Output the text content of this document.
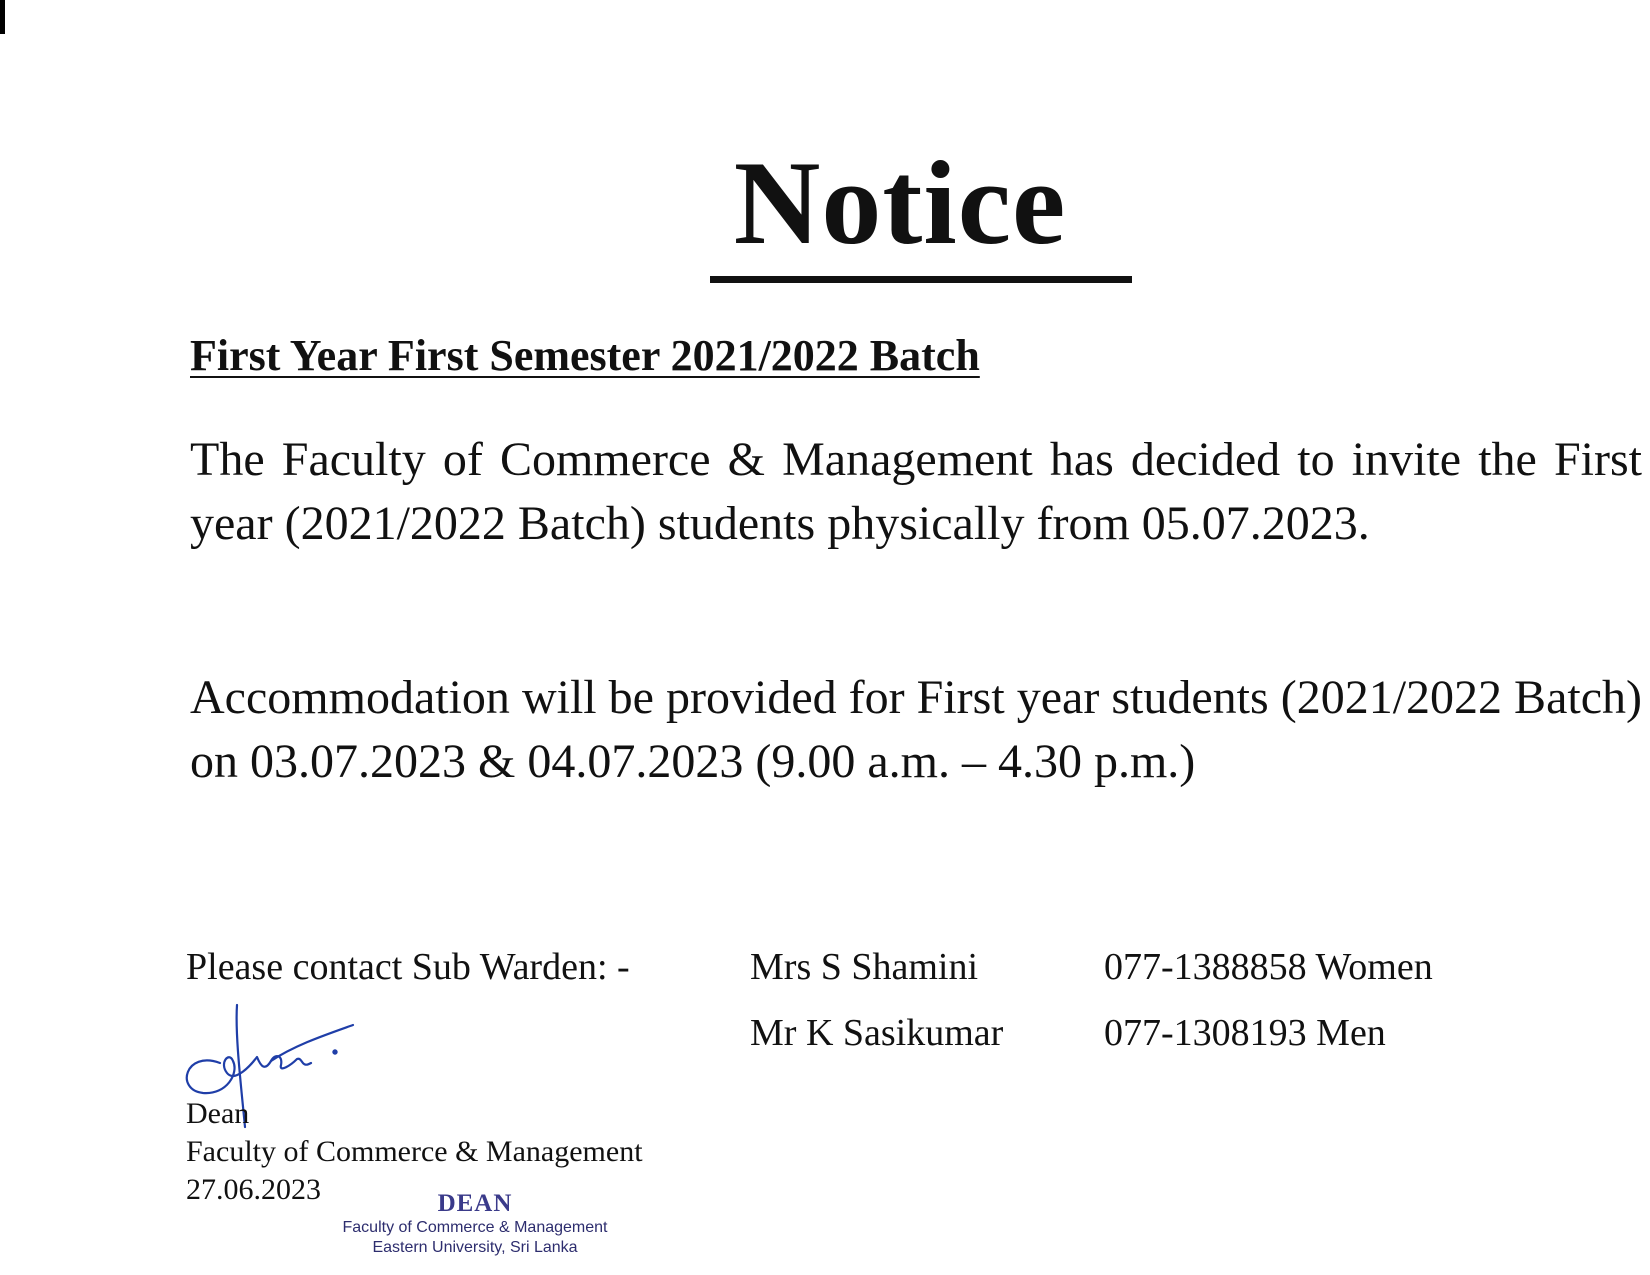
Notice
First Year First Semester 2021/2022 Batch

The Faculty of Commerce & Management has decided to invite the First year (2021/2022 Batch) students physically from 05.07.2023.

Accommodation will be provided for First year students (2021/2022 Batch) on 03.07.2023 & 04.07.2023 (9.00 a.m. – 4.30 p.m.)

Please contact Sub Warden: -	Mrs S Shamini	077-1388858 Women
Mr K Sasikumar	077-1308193 Men
Dean
Faculty of Commerce & Management
27.06.2023	DEAN
Faculty of Commerce & Management
Eastern University, Sri Lanka
